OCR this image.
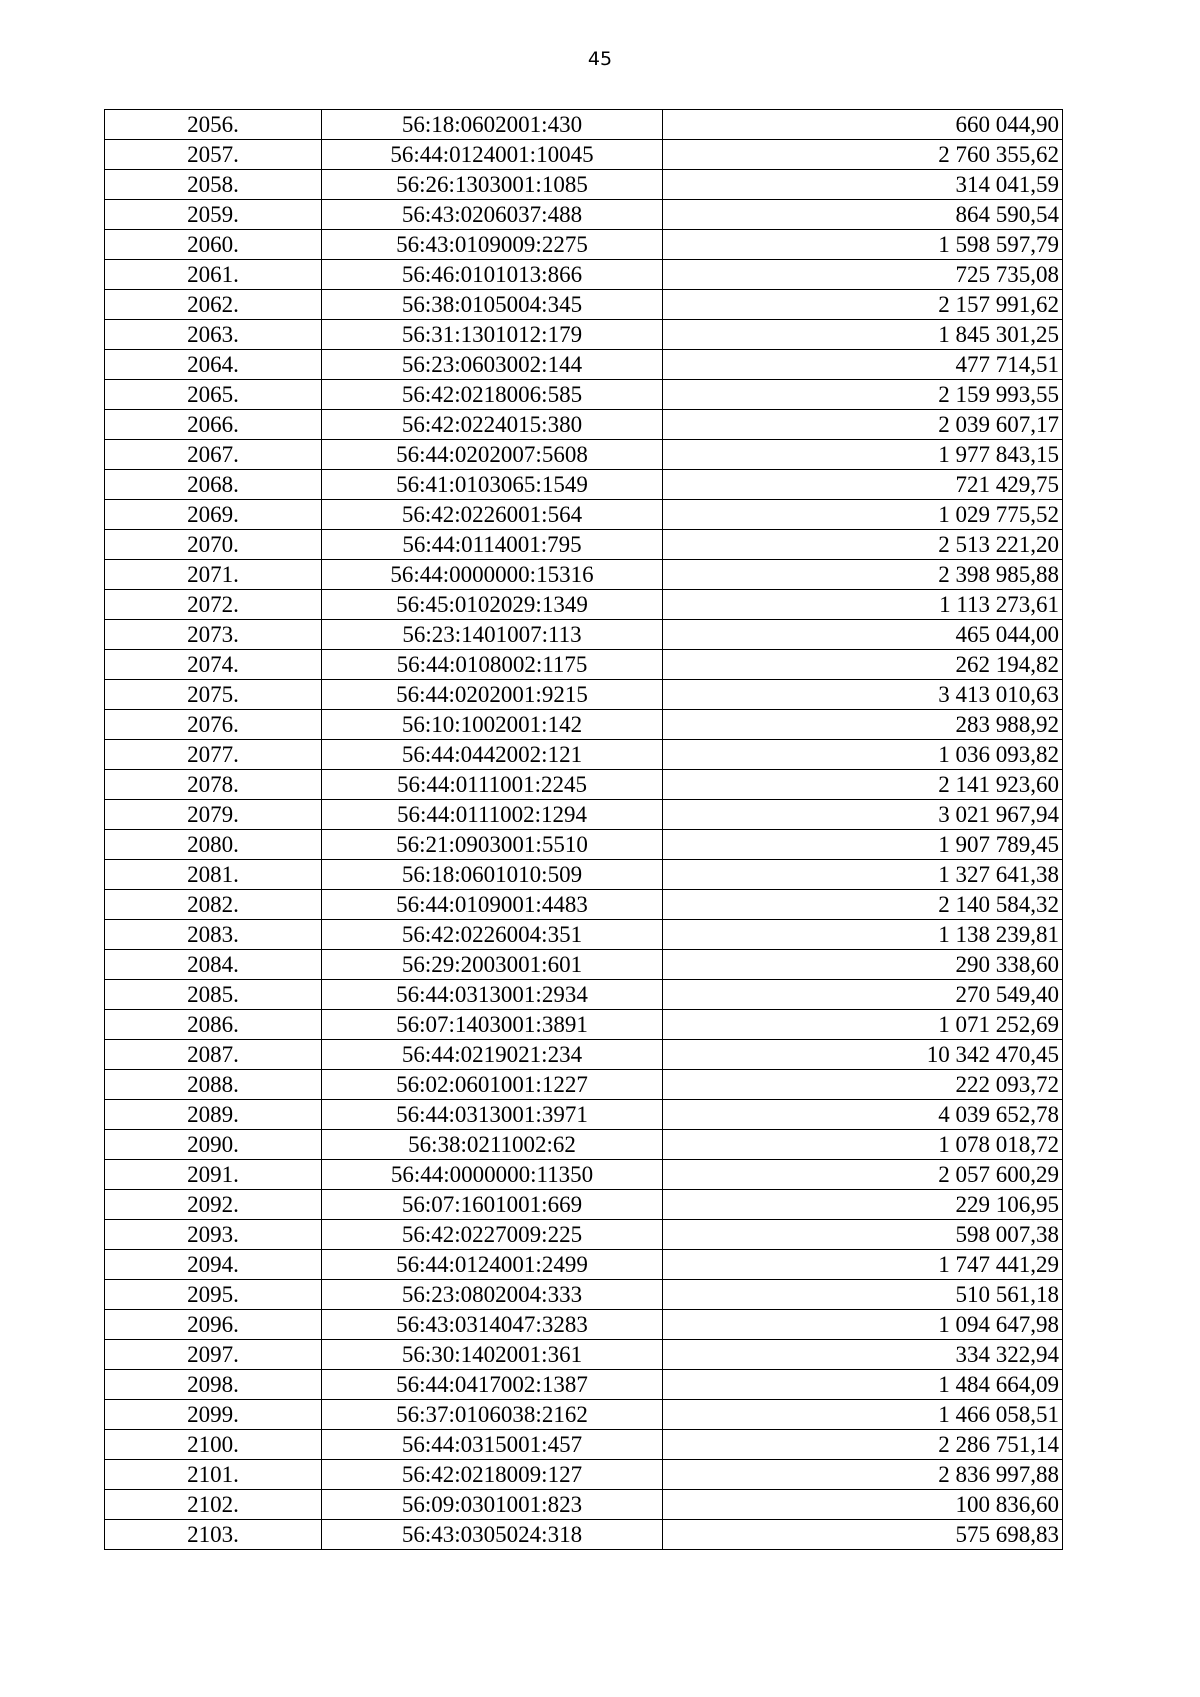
45
2056.	56:18:0602001:430	660 044,90
2057.	56:44:0124001:10045	2 760 355,62
2058.	56:26:1303001:1085	314 041,59
2059.	56:43:0206037:488	864 590,54
2060.	56:43:0109009:2275	1 598 597,79
2061.	56:46:0101013:866	725 735,08
2062.	56:38:0105004:345	2 157 991,62
2063.	56:31:1301012:179	1 845 301,25
2064.	56:23:0603002:144	477 714,51
2065.	56:42:0218006:585	2 159 993,55
2066.	56:42:0224015:380	2 039 607,17
2067.	56:44:0202007:5608	1 977 843,15
2068.	56:41:0103065:1549	721 429,75
2069.	56:42:0226001:564	1 029 775,52
2070.	56:44:0114001:795	2 513 221,20
2071.	56:44:0000000:15316	2 398 985,88
2072.	56:45:0102029:1349	1 113 273,61
2073.	56:23:1401007:113	465 044,00
2074.	56:44:0108002:1175	262 194,82
2075.	56:44:0202001:9215	3 413 010,63
2076.	56:10:1002001:142	283 988,92
2077.	56:44:0442002:121	1 036 093,82
2078.	56:44:0111001:2245	2 141 923,60
2079.	56:44:0111002:1294	3 021 967,94
2080.	56:21:0903001:5510	1 907 789,45
2081.	56:18:0601010:509	1 327 641,38
2082.	56:44:0109001:4483	2 140 584,32
2083.	56:42:0226004:351	1 138 239,81
2084.	56:29:2003001:601	290 338,60
2085.	56:44:0313001:2934	270 549,40
2086.	56:07:1403001:3891	1 071 252,69
2087.	56:44:0219021:234	10 342 470,45
2088.	56:02:0601001:1227	222 093,72
2089.	56:44:0313001:3971	4 039 652,78
2090.	56:38:0211002:62	1 078 018,72
2091.	56:44:0000000:11350	2 057 600,29
2092.	56:07:1601001:669	229 106,95
2093.	56:42:0227009:225	598 007,38
2094.	56:44:0124001:2499	1 747 441,29
2095.	56:23:0802004:333	510 561,18
2096.	56:43:0314047:3283	1 094 647,98
2097.	56:30:1402001:361	334 322,94
2098.	56:44:0417002:1387	1 484 664,09
2099.	56:37:0106038:2162	1 466 058,51
2100.	56:44:0315001:457	2 286 751,14
2101.	56:42:0218009:127	2 836 997,88
2102.	56:09:0301001:823	100 836,60
2103.	56:43:0305024:318	575 698,83
